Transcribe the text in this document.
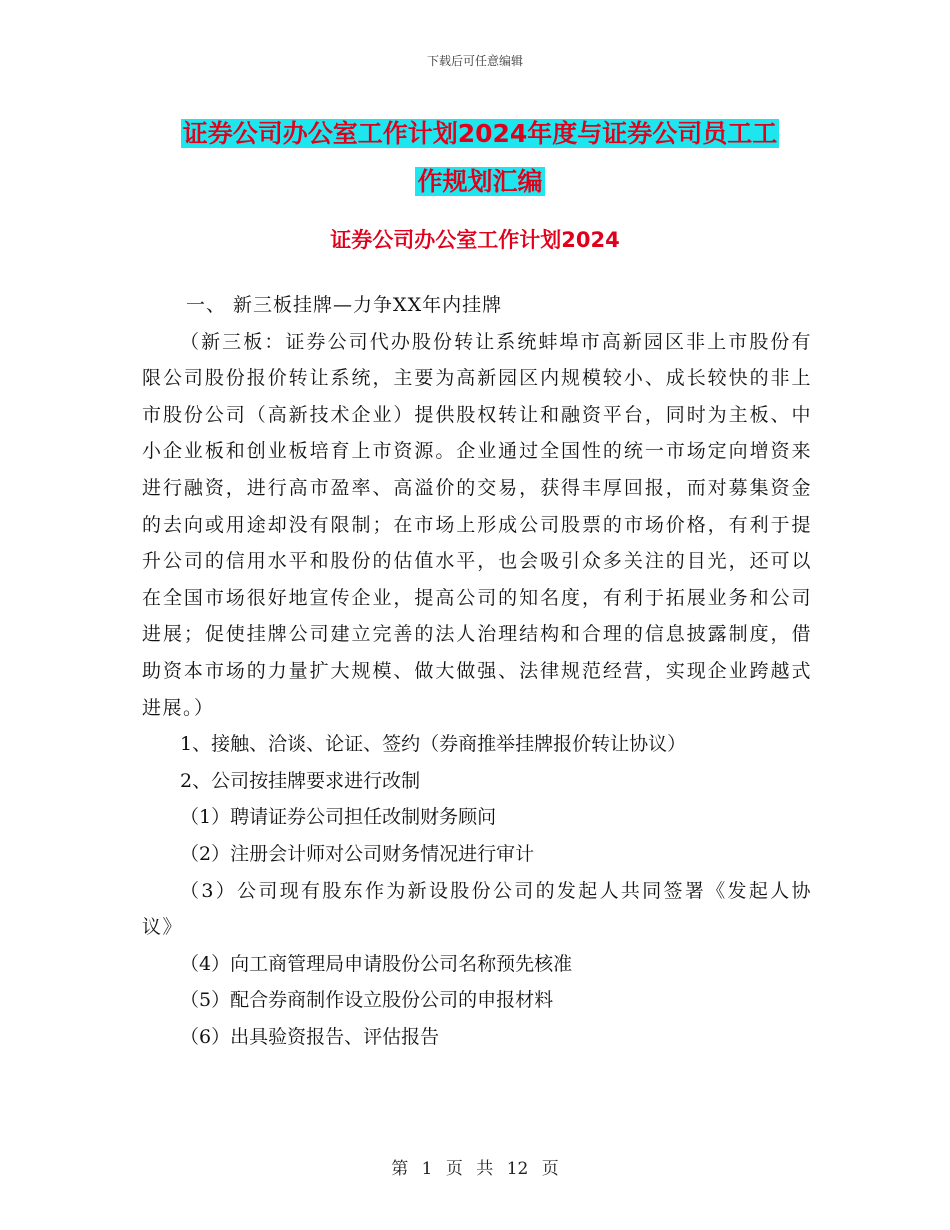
下载后可任意编辑
证券公司办公室工作计划2024年度与证券公司员工工
作规划汇编
证券公司办公室工作计划2024

一、 新三板挂牌—力争XX年内挂牌

（新三板：证券公司代办股份转让系统蚌埠市高新园区非上市股份有限公司股份报价转让系统，主要为高新园区内规模较小、成长较快的非上市股份公司（高新技术企业）提供股权转让和融资平台，同时为主板、中小企业板和创业板培育上市资源。企业通过全国性的统一市场定向增资来进行融资，进行高市盈率、高溢价的交易，获得丰厚回报，而对募集资金的去向或用途却没有限制；在市场上形成公司股票的市场价格，有利于提升公司的信用水平和股份的估值水平，也会吸引众多关注的目光，还可以在全国市场很好地宣传企业，提高公司的知名度，有利于拓展业务和公司进展；促使挂牌公司建立完善的法人治理结构和合理的信息披露制度，借助资本市场的力量扩大规模、做大做强、法律规范经营，实现企业跨越式进展。）

1、接触、洽谈、论证、签约（券商推举挂牌报价转让协议）

2、公司按挂牌要求进行改制

（1）聘请证券公司担任改制财务顾问

（2）注册会计师对公司财务情况进行审计

（3）公司现有股东作为新设股份公司的发起人共同签署《发起人协议》

（4）向工商管理局申请股份公司名称预先核准

（5）配合券商制作设立股份公司的申报材料

（6）出具验资报告、评估报告

第 1 页 共 12 页
